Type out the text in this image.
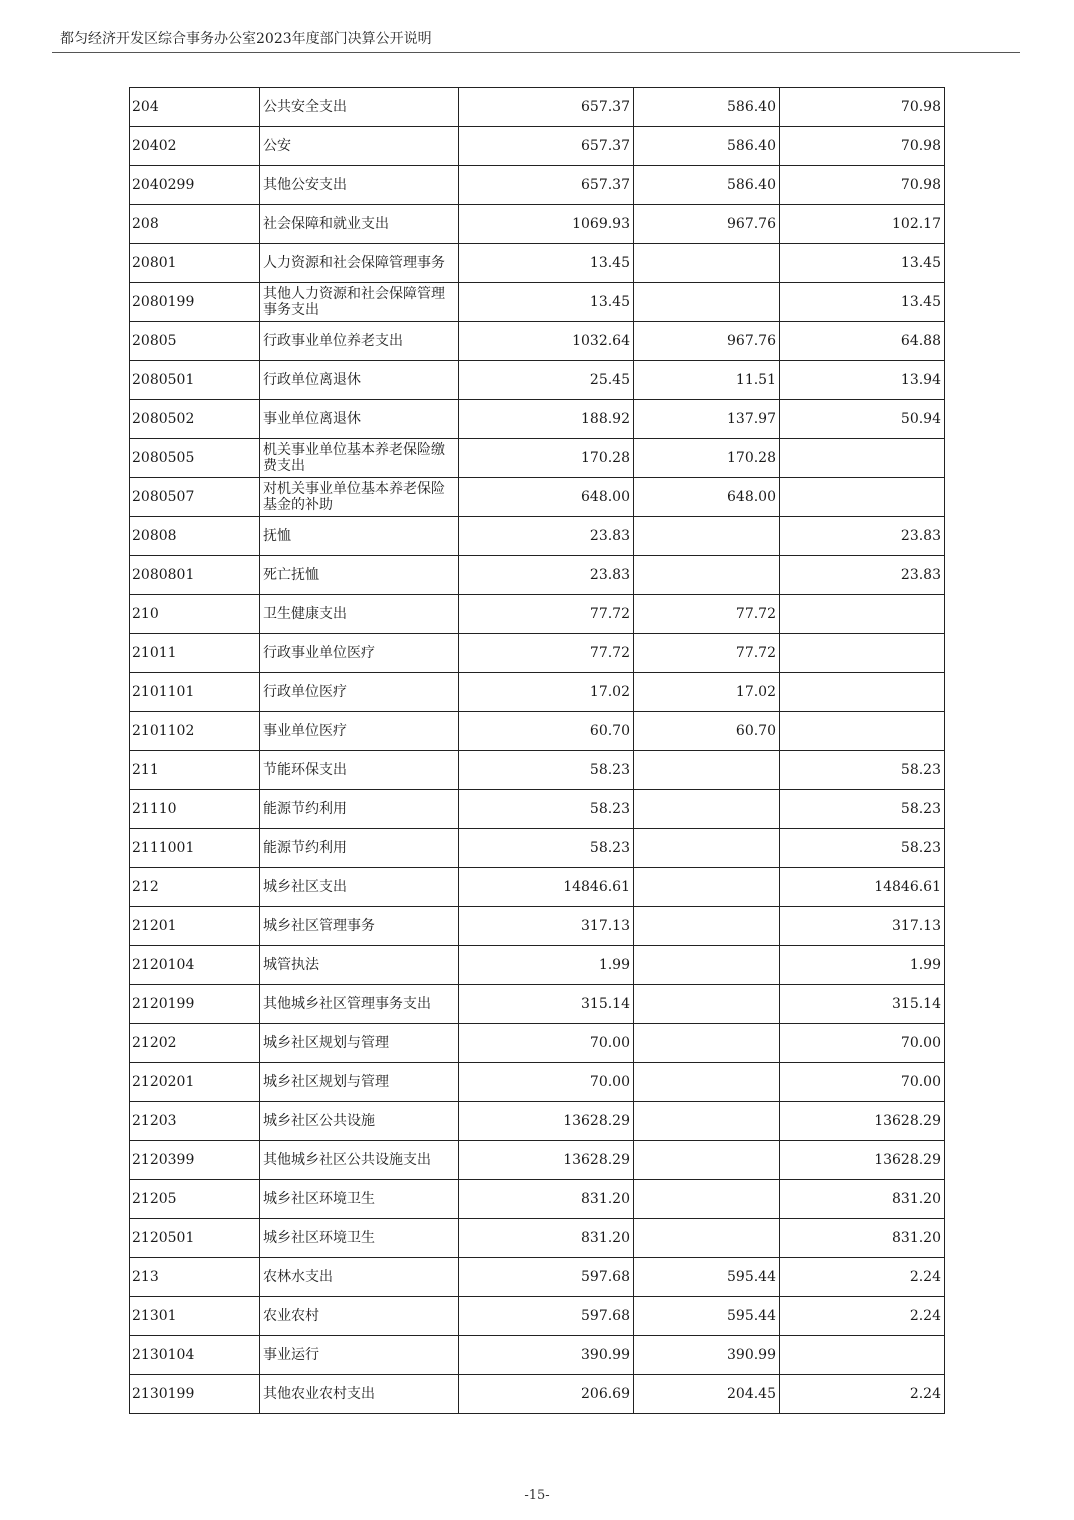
都匀经济开发区综合事务办公室2023年度部门决算公开说明
204	公共安全支出	657.37	586.40	70.98
20402	公安	657.37	586.40	70.98
2040299	其他公安支出	657.37	586.40	70.98
208	社会保障和就业支出	1069.93	967.76	102.17
20801	人力资源和社会保障管理事务	13.45		13.45
2080199	其他人力资源和社会保障管理事务支出	13.45		13.45
20805	行政事业单位养老支出	1032.64	967.76	64.88
2080501	行政单位离退休	25.45	11.51	13.94
2080502	事业单位离退休	188.92	137.97	50.94
2080505	机关事业单位基本养老保险缴费支出	170.28	170.28	
2080507	对机关事业单位基本养老保险基金的补助	648.00	648.00	
20808	抚恤	23.83		23.83
2080801	死亡抚恤	23.83		23.83
210	卫生健康支出	77.72	77.72	
21011	行政事业单位医疗	77.72	77.72	
2101101	行政单位医疗	17.02	17.02	
2101102	事业单位医疗	60.70	60.70	
211	节能环保支出	58.23		58.23
21110	能源节约利用	58.23		58.23
2111001	能源节约利用	58.23		58.23
212	城乡社区支出	14846.61		14846.61
21201	城乡社区管理事务	317.13		317.13
2120104	城管执法	1.99		1.99
2120199	其他城乡社区管理事务支出	315.14		315.14
21202	城乡社区规划与管理	70.00		70.00
2120201	城乡社区规划与管理	70.00		70.00
21203	城乡社区公共设施	13628.29		13628.29
2120399	其他城乡社区公共设施支出	13628.29		13628.29
21205	城乡社区环境卫生	831.20		831.20
2120501	城乡社区环境卫生	831.20		831.20
213	农林水支出	597.68	595.44	2.24
21301	农业农村	597.68	595.44	2.24
2130104	事业运行	390.99	390.99	
2130199	其他农业农村支出	206.69	204.45	2.24
-15-
